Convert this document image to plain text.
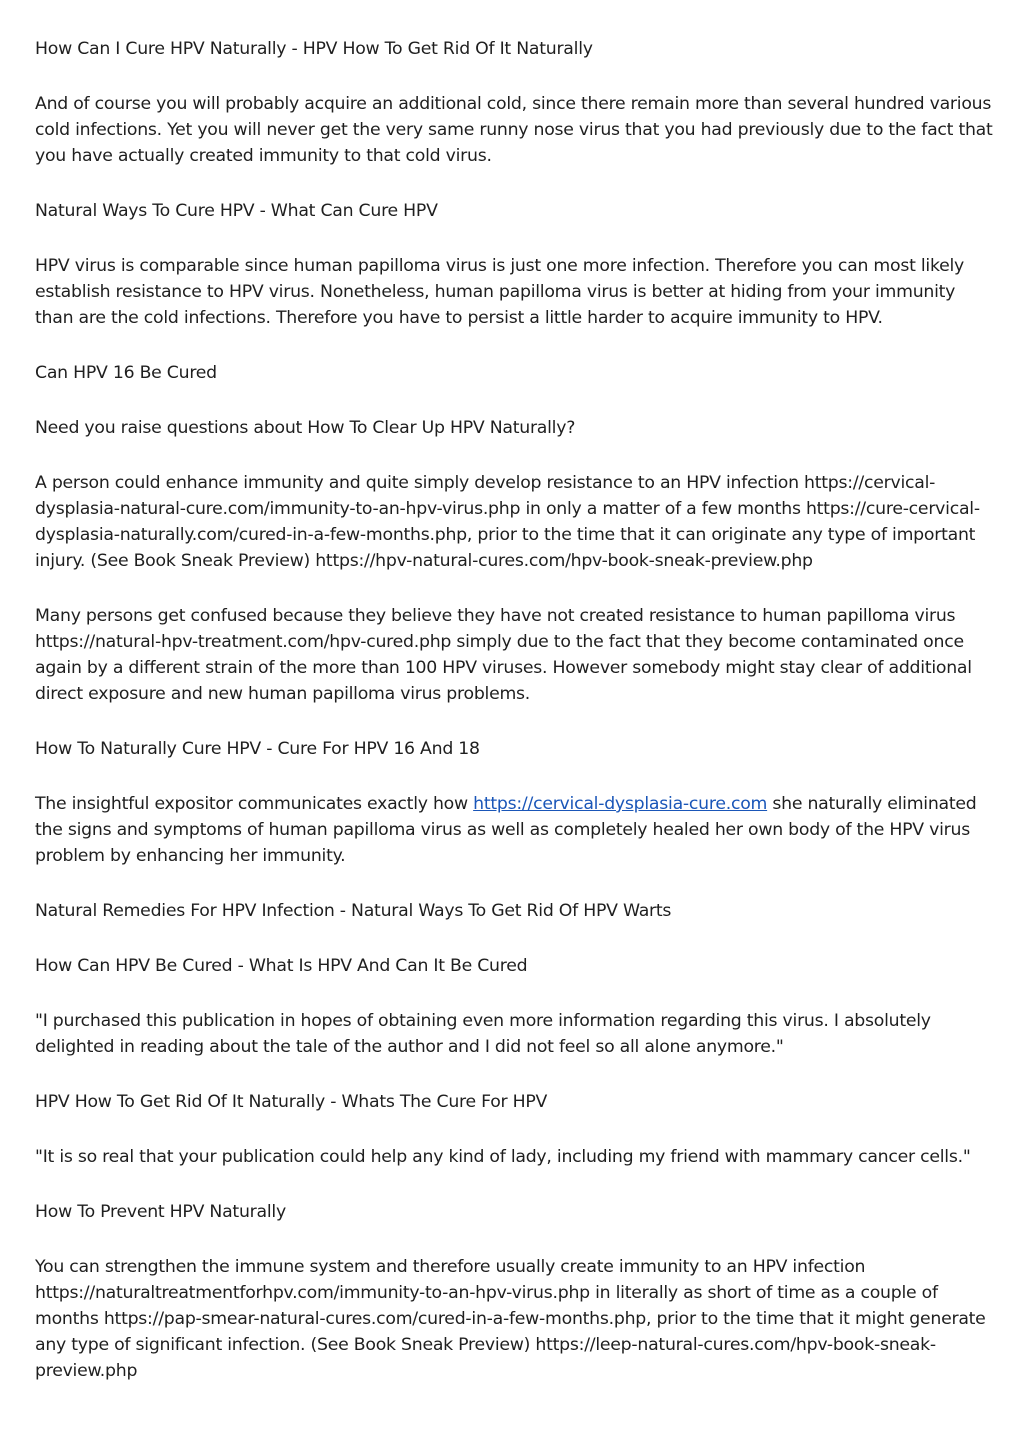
How Can I Cure HPV Naturally - HPV How To Get Rid Of It Naturally

And of course you will probably acquire an additional cold, since there remain more than several hundred various cold infections. Yet you will never get the very same runny nose virus that you had previously due to the fact that you have actually created immunity to that cold virus.

Natural Ways To Cure HPV - What Can Cure HPV

HPV virus is comparable since human papilloma virus is just one more infection. Therefore you can most likely establish resistance to HPV virus. Nonetheless, human papilloma virus is better at hiding from your immunity than are the cold infections. Therefore you have to persist a little harder to acquire immunity to HPV.

Can HPV 16 Be Cured

Need you raise questions about How To Clear Up HPV Naturally?

A person could enhance immunity and quite simply develop resistance to an HPV infection https://cervical-dysplasia-natural-cure.com/immunity-to-an-hpv-virus.php in only a matter of a few months https://cure-cervical-dysplasia-naturally.com/cured-in-a-few-months.php, prior to the time that it can originate any type of important injury. (See Book Sneak Preview) https://hpv-natural-cures.com/hpv-book-sneak-preview.php

Many persons get confused because they believe they have not created resistance to human papilloma virus https://natural-hpv-treatment.com/hpv-cured.php simply due to the fact that they become contaminated once again by a different strain of the more than 100 HPV viruses. However somebody might stay clear of additional direct exposure and new human papilloma virus problems.

How To Naturally Cure HPV - Cure For HPV 16 And 18

The insightful expositor communicates exactly how https://cervical-dysplasia-cure.com she naturally eliminated the signs and symptoms of human papilloma virus as well as completely healed her own body of the HPV virus problem by enhancing her immunity.

Natural Remedies For HPV Infection - Natural Ways To Get Rid Of HPV Warts

How Can HPV Be Cured - What Is HPV And Can It Be Cured

"I purchased this publication in hopes of obtaining even more information regarding this virus. I absolutely delighted in reading about the tale of the author and I did not feel so all alone anymore."

HPV How To Get Rid Of It Naturally - Whats The Cure For HPV

"It is so real that your publication could help any kind of lady, including my friend with mammary cancer cells."

How To Prevent HPV Naturally

You can strengthen the immune system and therefore usually create immunity to an HPV infection https://naturaltreatmentforhpv.com/immunity-to-an-hpv-virus.php in literally as short of time as a couple of months https://pap-smear-natural-cures.com/cured-in-a-few-months.php, prior to the time that it might generate any type of significant infection. (See Book Sneak Preview) https://leep-natural-cures.com/hpv-book-sneak-preview.php
